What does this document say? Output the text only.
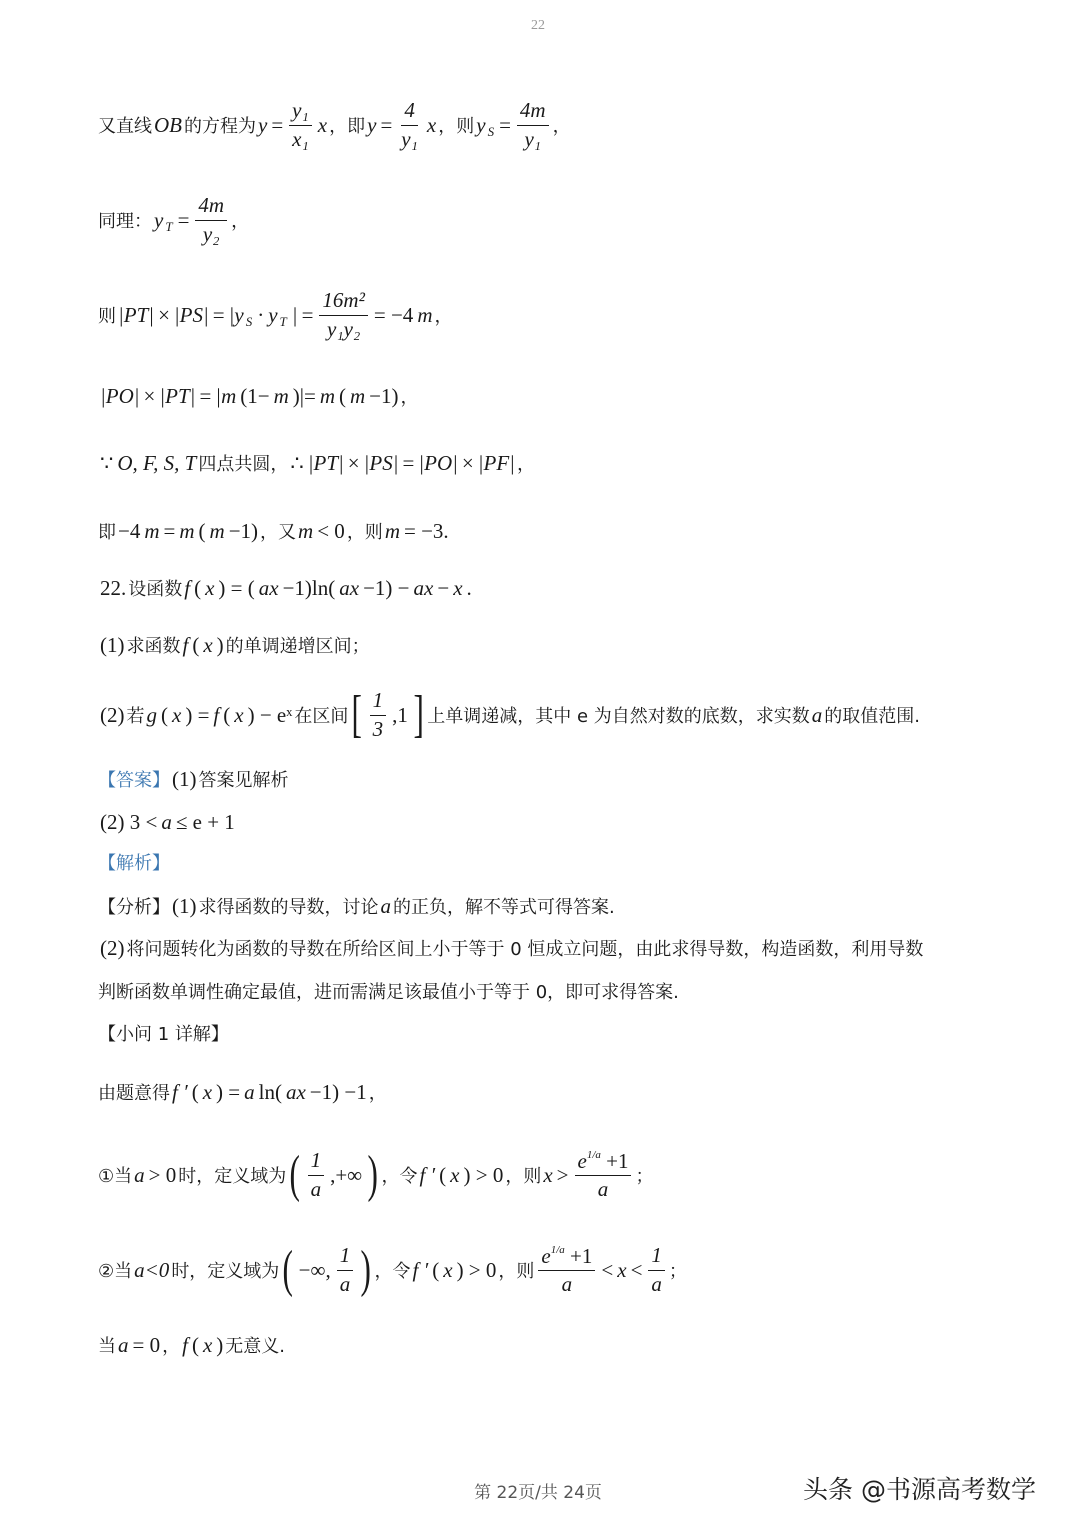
22
又直线 OB 的方程为 $y = \frac{\text{y₁}}{\text{x₁}}$ x ，即 $y = \frac{4}{\text{y₁}}$ x ，则 y $S = \frac{4m}{\text{y₁}}$ ，
同理： y $T = \frac{4m}{\text{y₂}}$ ，
则 |PT| × |PS| = |y S · y T | = $\frac{\text{16m²}}{\text{y₁y₂}} = -4$ m ，
|PO| × |PT| = |m (1− m )|= m ( m −1) ，
∵ O, F, S, T 四点共圆， ∴ |PT| × |PS| = |PO| × |PF| ，
即 −4 m = m ( m −1) ，又 m < 0 ，则 m = −3.
22. 设函数 f ( x ) = ( ax −1)ln( ax −1) − ax − x .
(1) 求函数 f ( x ) 的单调递增区间；
(2) 若 g ( x ) = f ( x ) − eˣ 在区间 [ $\frac{1}{3} ,1$ ] 上单调递减，其中 e 为自然对数的底数，求实数 a 的取值范围.
【答案】 (1) 答案见解析
(2) 3 < a ≤ e + 1
【解析】
【分析】 (1) 求得函数的导数，讨论 a 的正负，解不等式可得答案.
(2) 将问题转化为函数的导数在所给区间上小于等于 0 恒成立问题，由此求得导数，构造函数，利用导数
判断函数单调性确定最值，进而需满足该最值小于等于 0，即可求得答案.
【小问 1 详解】
由题意得 f ′ ( x ) = a ln( ax −1) −1 ，
①当 a > 0 时，定义域为 ( $\frac{1}{a}$ ,+∞ ) ，令 f ′ ( x ) > 0 ，则 $x > \frac{e^{1/a} +1}{a}$ ；
②当 a<0 时，定义域为 ( −∞, $\frac{1}{a}$ ) ，令 f ′ ( x ) > 0 ，则 $\frac{e^{1/a} +1}{a} < x < \frac{1}{a}$ ；
当 a = 0 ， f ( x ) 无意义.
第 22页/共 24页	头条 @书源高考数学
